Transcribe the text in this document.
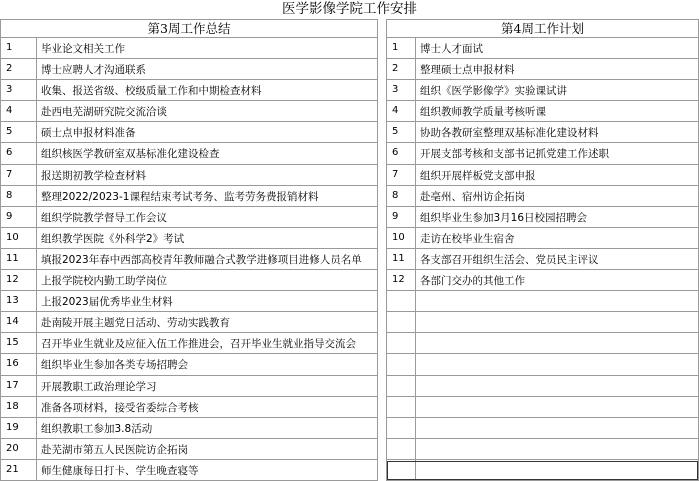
医学影像学院工作安排
第3周工作总结
1	毕业论文相关工作
2	博士应聘人才沟通联系
3	收集、报送省级、校级质量工作和中期检查材料
4	赴西电芜湖研究院交流洽谈
5	硕士点申报材料准备
6	组织核医学教研室双基标准化建设检查
7	报送期初教学检查材料
8	整理2022/2023-1课程结束考试考务、监考劳务费报销材料
9	组织学院教学督导工作会议
10	组织教学医院《外科学2》考试
11	填报2023年春中西部高校青年教师融合式教学进修项目进修人员名单
12	上报学院校内勤工助学岗位
13	上报2023届优秀毕业生材料
14	赴南陵开展主题党日活动、劳动实践教育
15	召开毕业生就业及应征入伍工作推进会，召开毕业生就业指导交流会
16	组织毕业生参加各类专场招聘会
17	开展教职工政治理论学习
18	准备各项材料，接受省委综合考核
19	组织教职工参加3.8活动
20	赴芜湖市第五人民医院访企拓岗
21	师生健康每日打卡、学生晚查寝等
第4周工作计划
1	博士人才面试
2	整理硕士点申报材料
3	组织《医学影像学》实验课试讲
4	组织教师教学质量考核听课
5	协助各教研室整理双基标准化建设材料
6	开展支部考核和支部书记抓党建工作述职
7	组织开展样板党支部申报
8	赴亳州、宿州访企拓岗
9	组织毕业生参加3月16日校园招聘会
10	走访在校毕业生宿舍
11	各支部召开组织生活会、党员民主评议
12	各部门交办的其他工作
